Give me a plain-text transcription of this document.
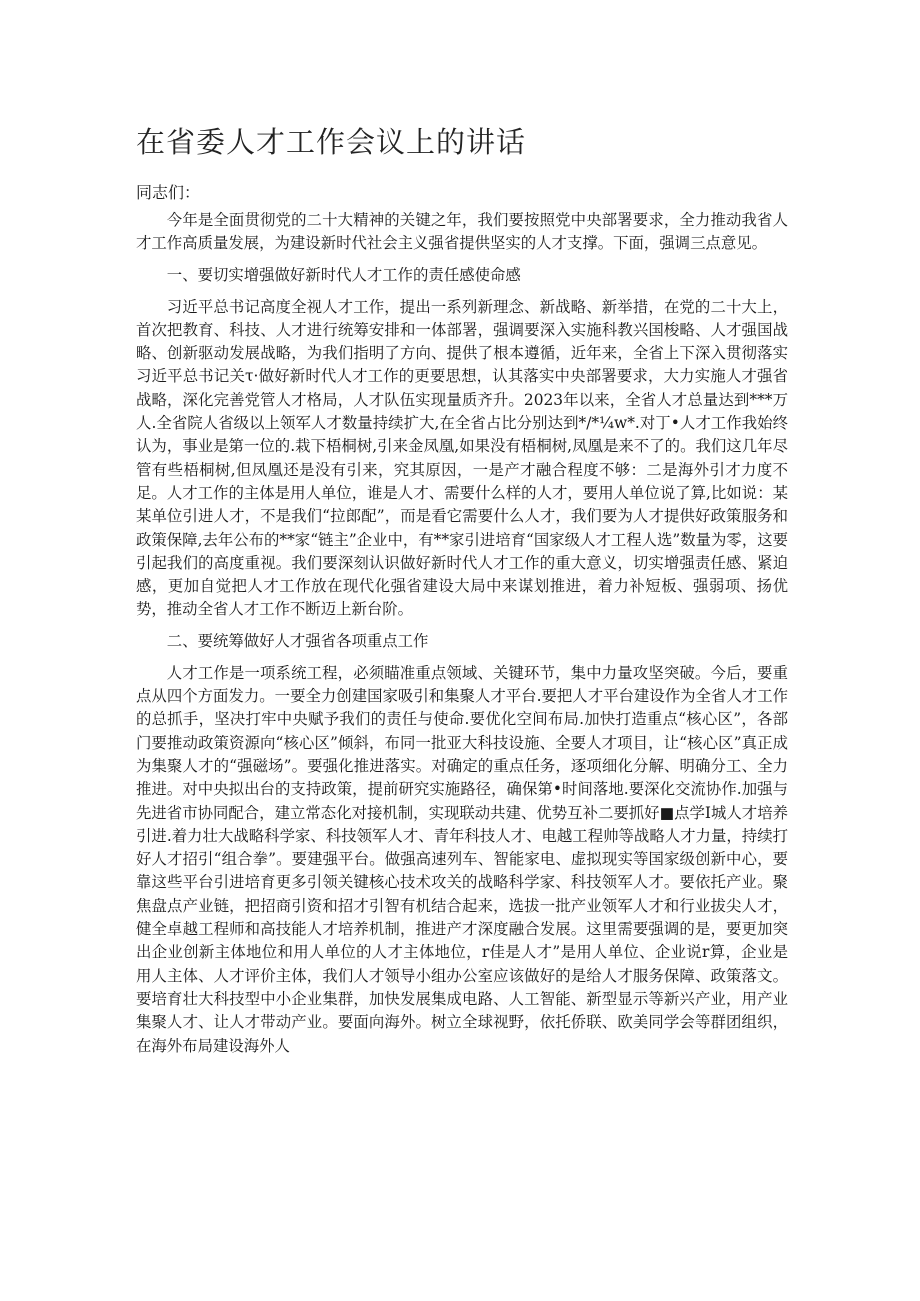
在省委人才工作会议上的讲话

同志们：

今年是全面贯彻党的二十大精神的关键之年，我们要按照党中央部署要求，全力推动我省人才工作高质量发展，为建设新时代社会主义强省提供坚实的人才支撑。下面，强调三点意见。

一、要切实增强做好新时代人才工作的责任感使命感

习近平总书记高度全视人才工作，提出一系列新理念、新战略、新举措，在党的二十大上，首次把教育、科技、人才进行统筹安排和一体部署，强调要深入实施科教兴国梭略、人才强国战略、创新驱动发展战略，为我们指明了方向、提供了根本遵循，近年来，全省上下深入贯彻落实习近平总书记关τ·做好新时代人才工作的更要思想，认其落实中央部署要求，大力实施人才强省战略，深化完善党管人才格局，人才队伍实现量质齐升。2023年以来，全省人才总量达到***万人.全省院人省级以上领军人才数量持续扩大,在全省占比分别达到*/*¼w*.对丁•人才工作我始终认为，事业是第一位的.栽下梧桐树,引来金凤凰,如果没有梧桐树,凤凰是来不了的。我们这几年尽管有些梧桐树,但凤凰还是没有引来，究其原因，一是产才融合程度不够：二是海外引才力度不足。人才工作的主体是用人单位，谁是人才、需要什么样的人才，要用人单位说了算,比如说：某某单位引进人才，不是我们“拉郎配”，而是看它需要什么人才，我们要为人才提供好政策服务和政策保障,去年公布的**家“链主”企业中，有**家引进培育“国家级人才工程人选”数量为零，这要引起我们的高度重视。我们要深刻认识做好新时代人才工作的重大意义，切实增强责任感、紧迫感，更加自觉把人才工作放在现代化强省建设大局中来谋划推进，着力补短板、强弱项、扬优势，推动全省人才工作不断迈上新台阶。

二、要统筹做好人才强省各项重点工作

人才工作是一项系统工程，必须瞄准重点领域、关键环节，集中力量攻坚突破。今后，要重点从四个方面发力。一要全力创建国家吸引和集聚人才平台.要把人才平台建设作为全省人才工作的总抓手，坚决打牢中央赋予我们的责任与使命.要优化空间布局.加快打造重点“核心区”，各部门要推动政策资源向“核心区”倾斜，布同一批亚大科技设施、全要人才项目，让“核心区”真正成为集聚人才的“强磁场”。要强化推进落实。对确定的重点任务，逐项细化分解、明确分工、全力推进。对中央拟出台的支持政策，提前研究实施路径，确保第•时间落地.要深化交流协作.加强与先进省市协同配合，建立常态化对接机制，实现联动共建、优势互补二要抓好■点学Ι城人才培养引进.着力壮大战略科学家、科技领军人才、青年科技人才、电越工程帅等战略人才力量，持续打好人才招引“组合拳”。要建强平台。做强高速列车、智能家电、虚拟现实等国家级创新中心，要靠这些平台引进培育更多引领关键核心技术攻关的战略科学家、科技领军人才。要依托产业。聚焦盘点产业链，把招商引资和招才引智有机结合起来，选拔一批产业领军人才和行业拔尖人才，健全卓越工程师和高技能人才培养机制，推进产才深度融合发展。这里需要强调的是，要更加突出企业创新主体地位和用人单位的人才主体地位，r佳是人才”是用人单位、企业说r算，企业是用人主体、人才评价主体，我们人才领导小组办公室应该做好的是给人才服务保障、政策落文。要培育壮大科技型中小企业集群，加快发展集成电路、人工智能、新型显示等新兴产业，用产业集聚人才、让人才带动产业。要面向海外。树立全球视野，依托侨联、欧美同学会等群团组织，在海外布局建设海外人
